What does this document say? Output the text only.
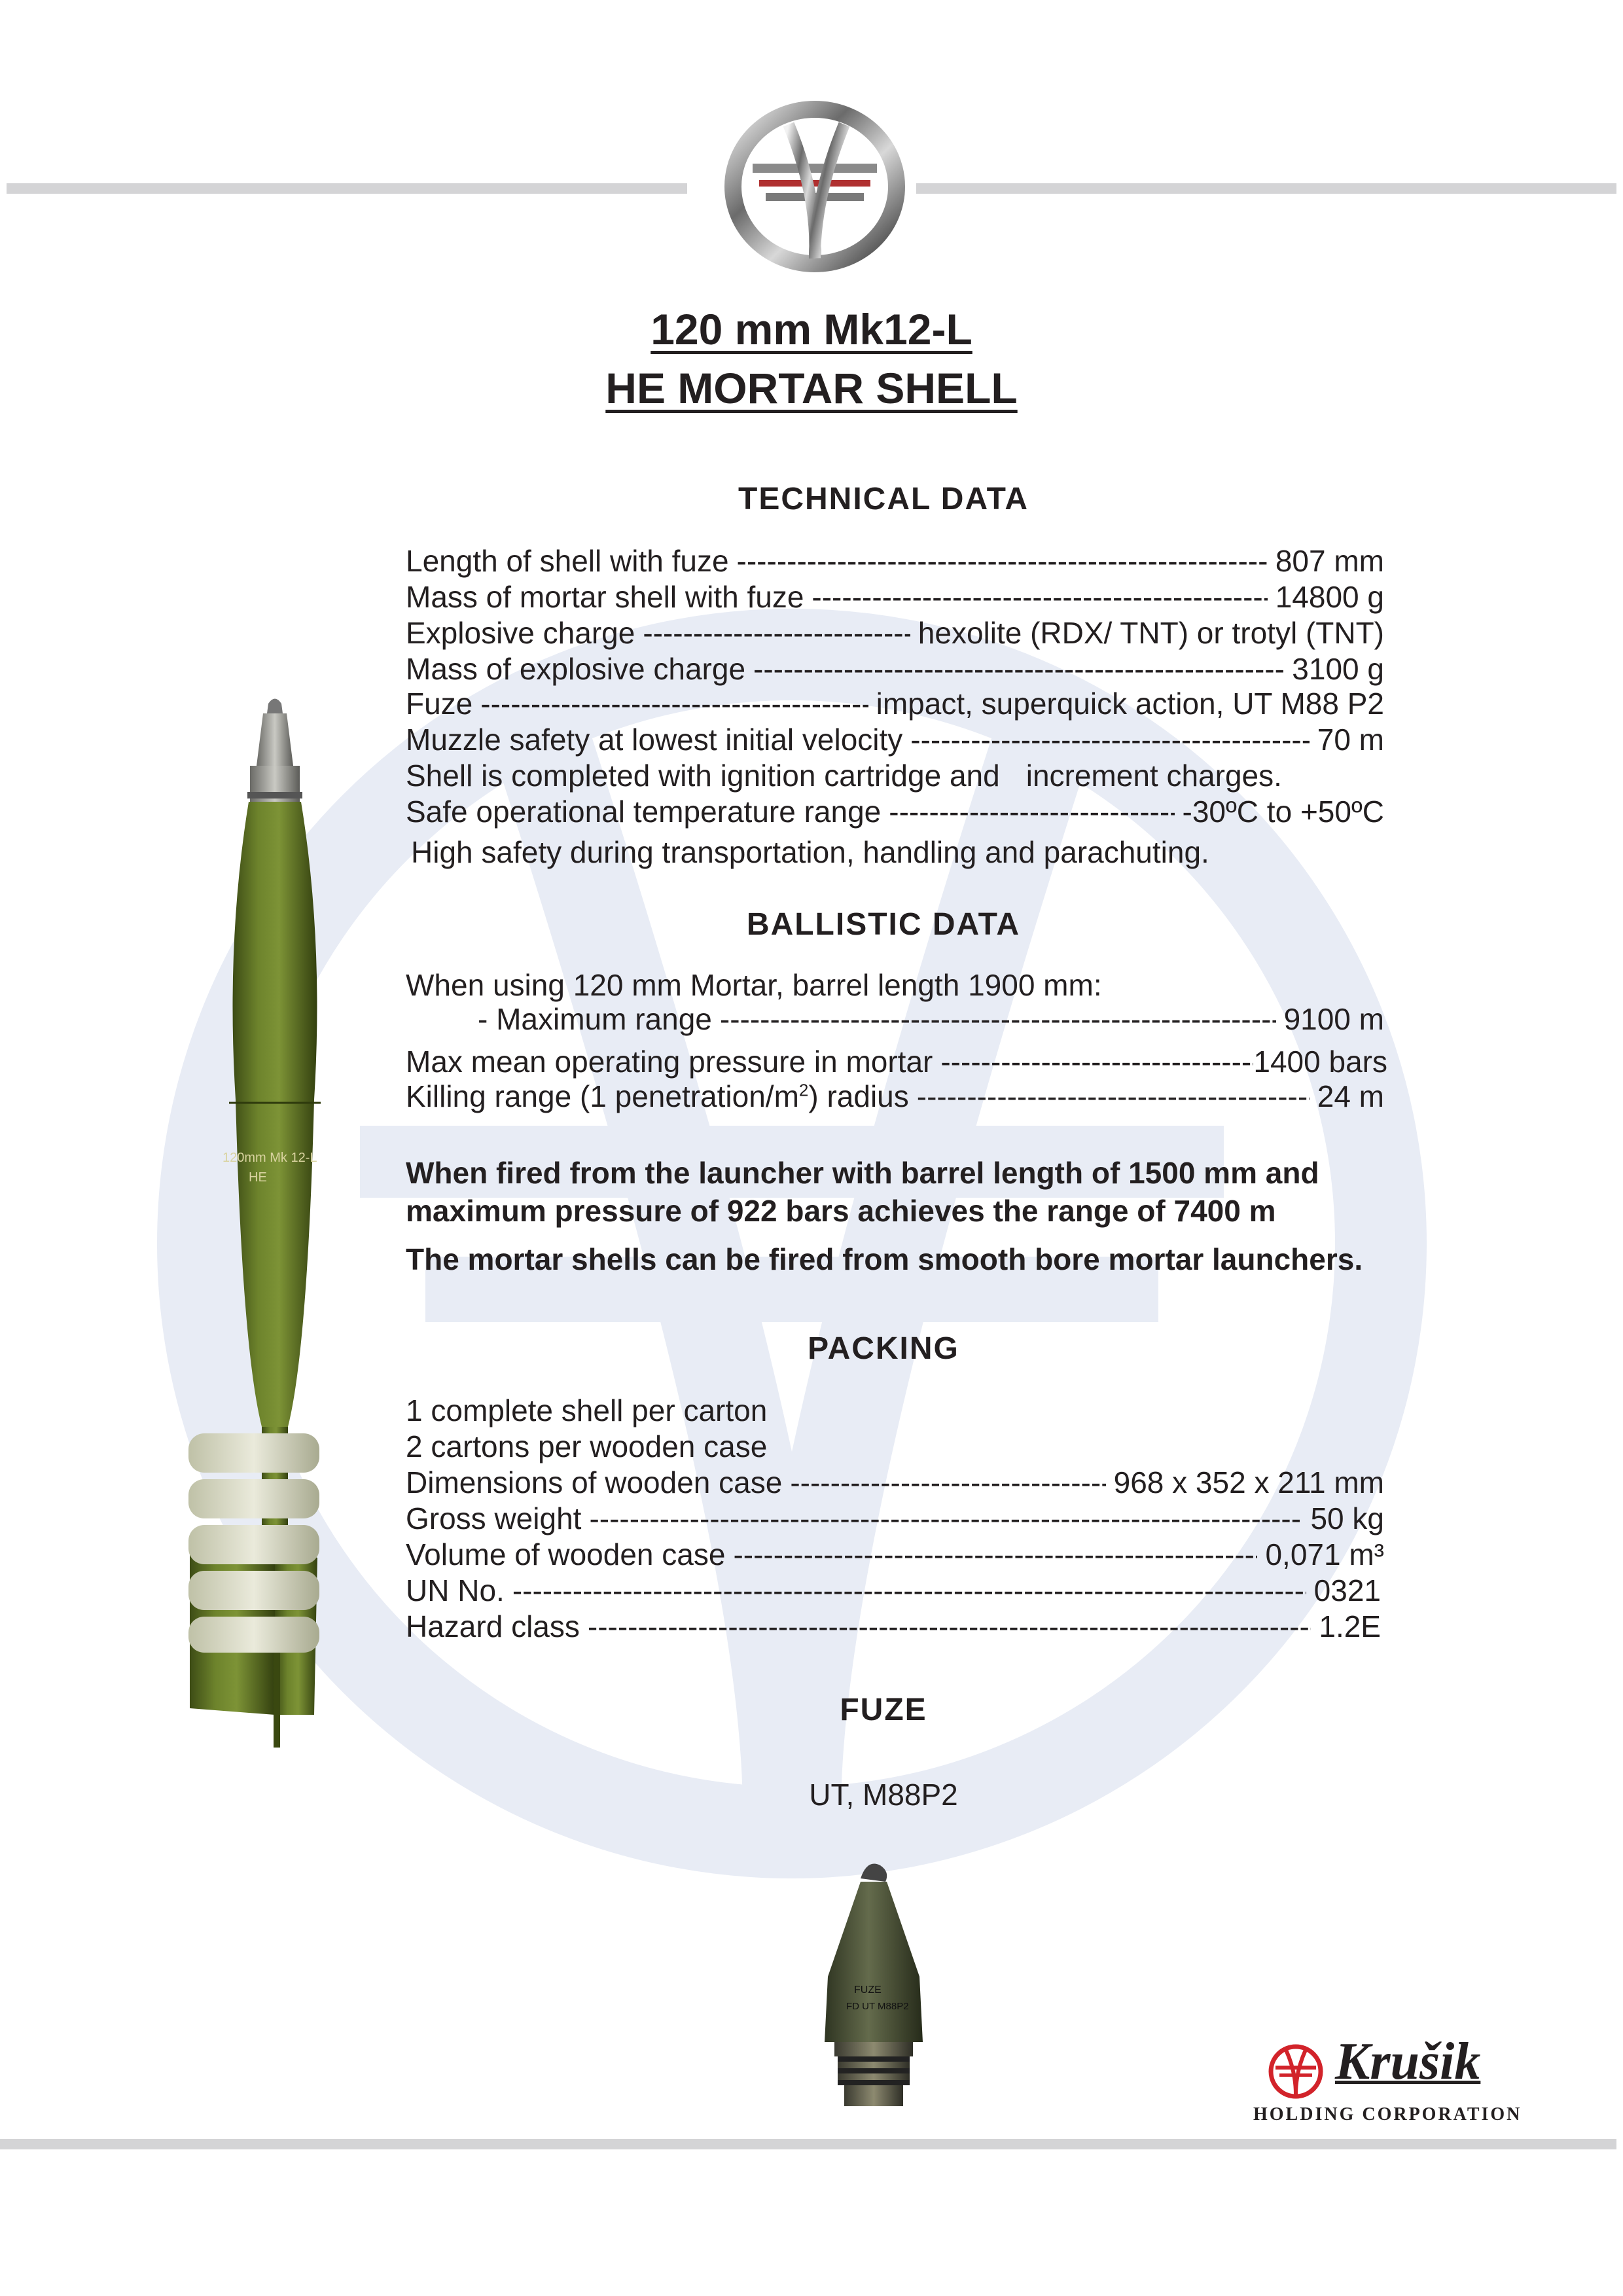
120 mm Mk12-L
HE MORTAR SHELL
120mm Mk 12-L
HE
TECHNICAL DATA
Length of shell with fuze -----	807 mm
Mass of mortar shell with fuze -----	14800 g
Explosive charge -----	hexolite (RDX/ TNT) or trotyl (TNT)
Mass of explosive charge -----	3100 g
Fuze -----	impact, superquick action, UT M88 P2
Muzzle safety at lowest initial velocity -----	70 m
Shell is completed with ignition cartridge and increment charges.
Safe operational temperature range -----	-30ºC to +50ºC
High safety during transportation, handling and parachuting.
BALLISTIC DATA
When using 120 mm Mortar, barrel length 1900 mm:
- Maximum range -----	9100 m
Max mean operating pressure in mortar -----	1400 bars
Killing range (1 penetration/$m^2$) radius -----	24 m
When fired from the launcher with barrel length of 1500 mm and
maximum pressure of 922 bars achieves the range of 7400 m
The mortar shells can be fired from smooth bore mortar launchers.
PACKING
1 complete shell per carton
2 cartons per wooden case
Dimensions of wooden case -----	968 x 352 x 211 mm
Gross weight -----	50 kg
Volume of wooden case -----	0,071 m³
UN No. -----	0321
Hazard class -----	1.2E
FUZE
UT, M88P2
FUZE
FD UT M88P2
Krušik
HOLDING CORPORATION
